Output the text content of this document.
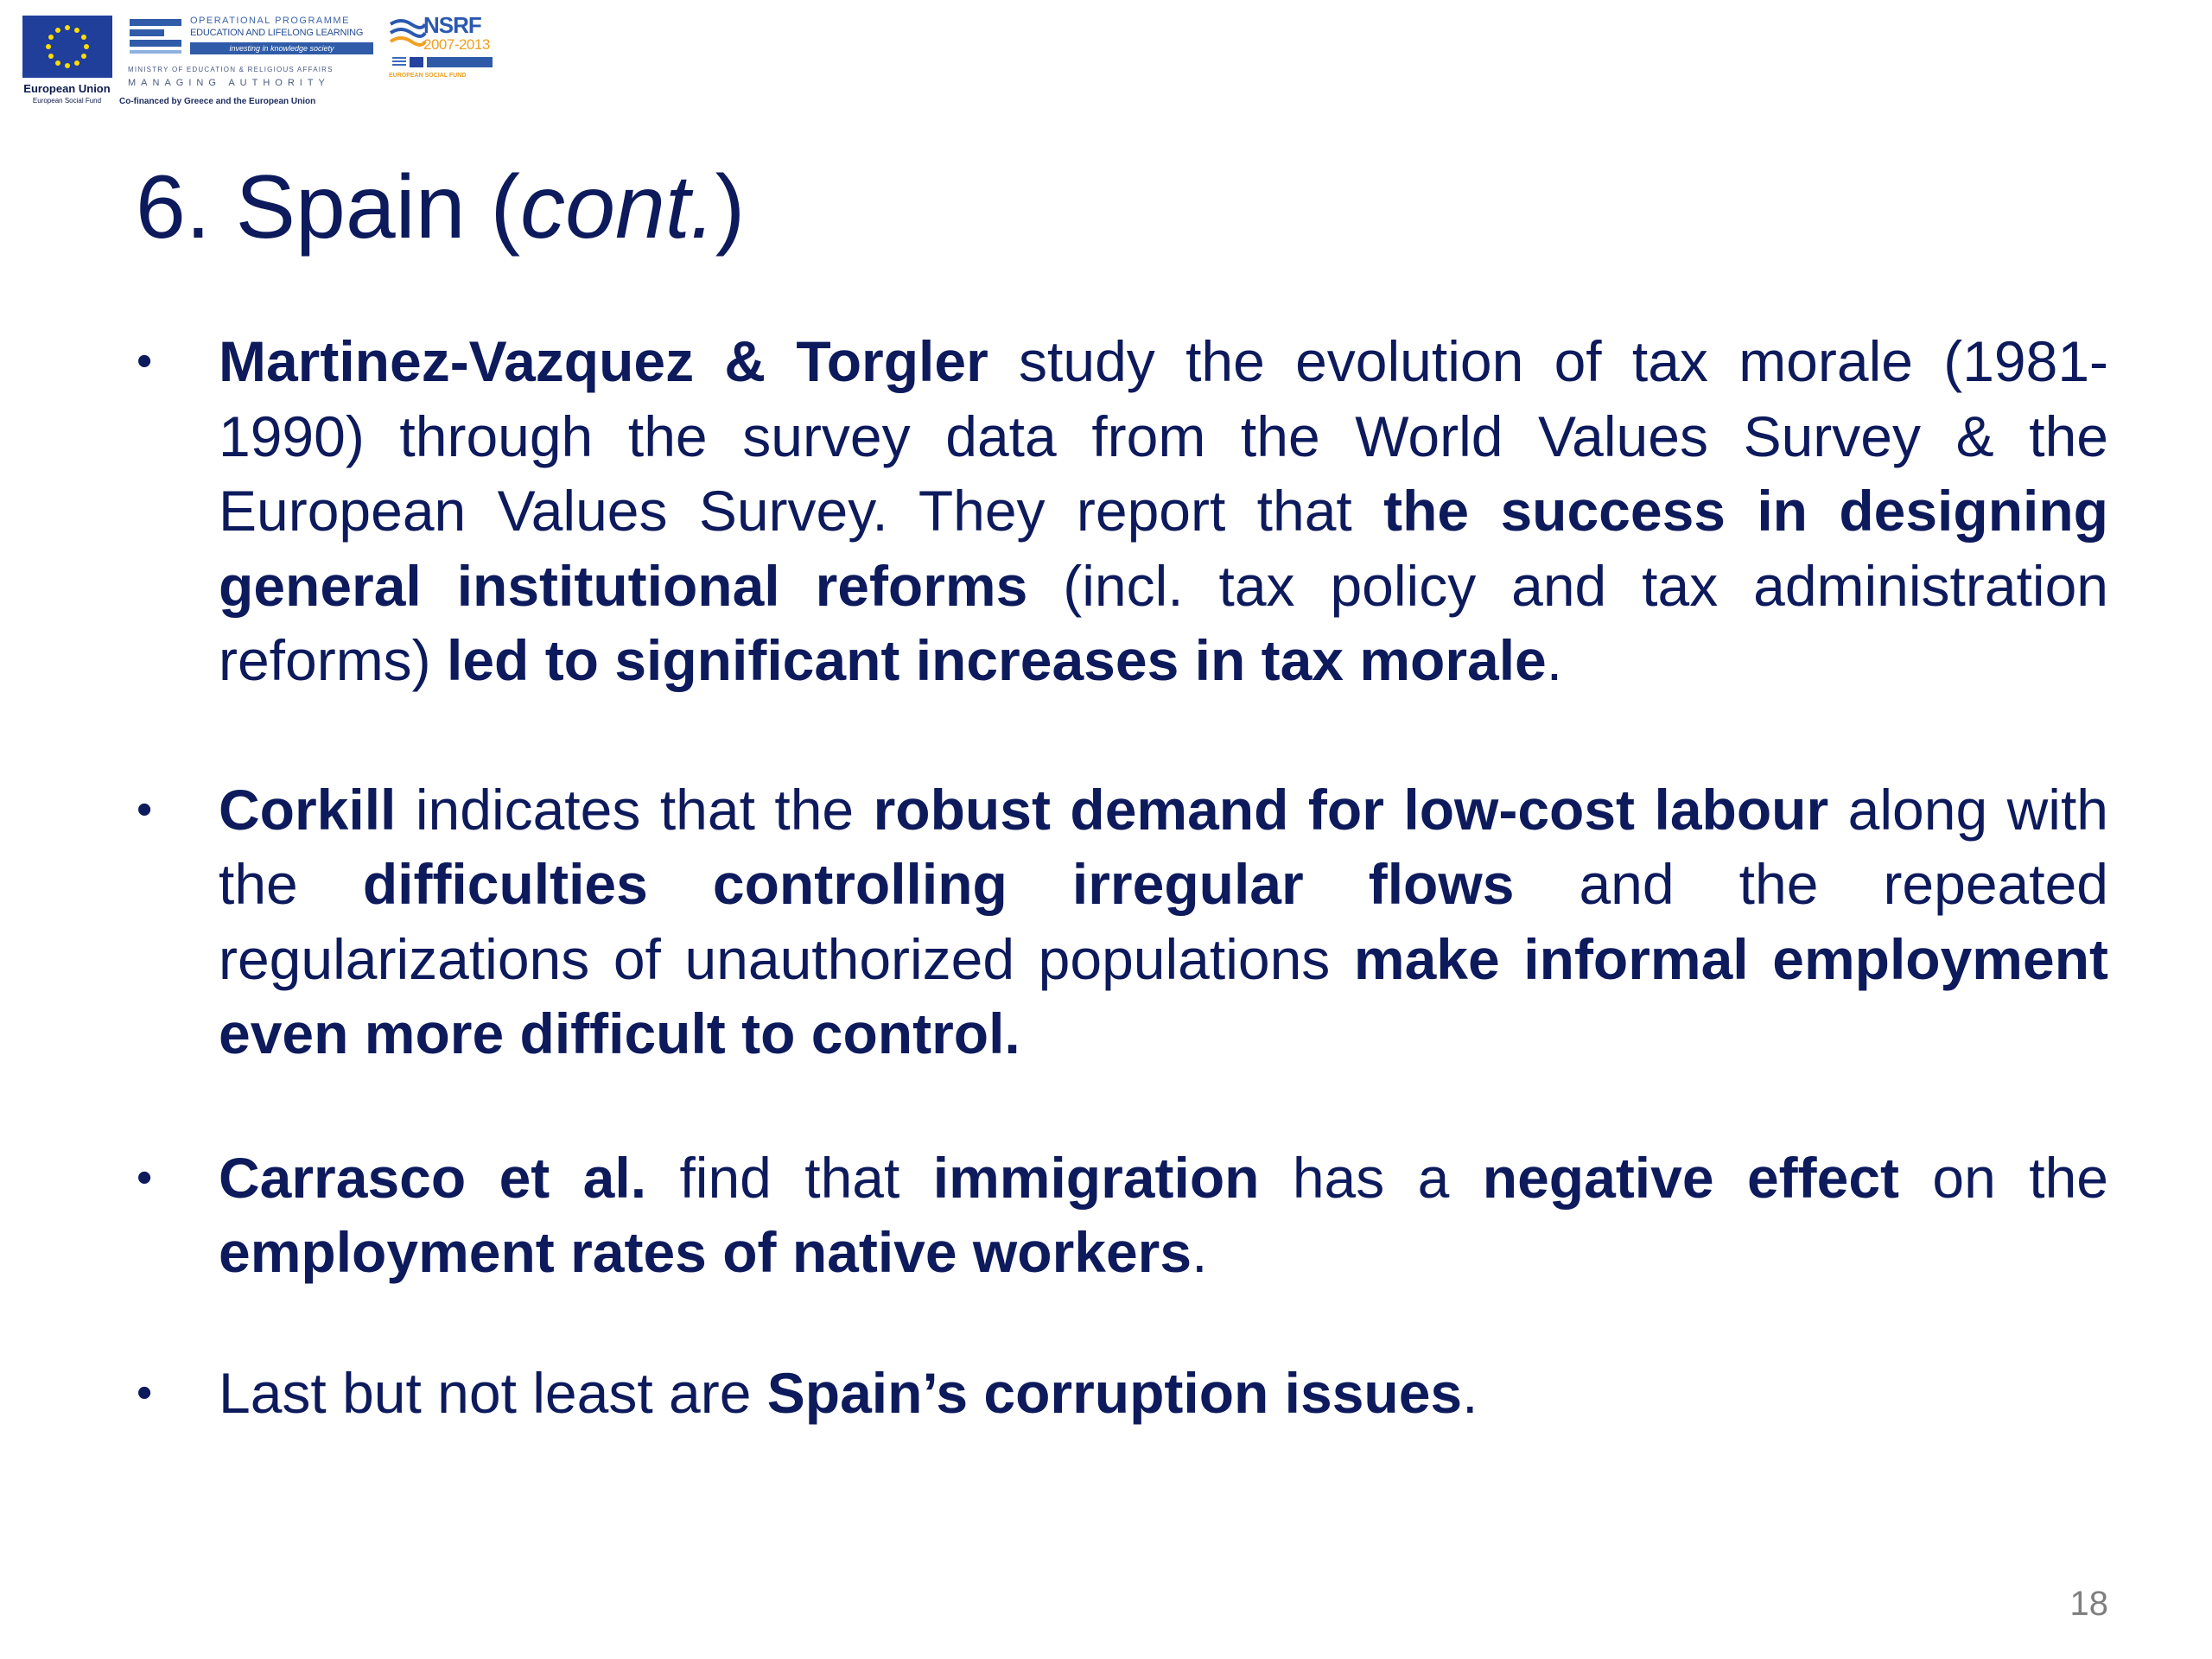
European Union
European Social Fund
OPERATIONAL PROGRAMME
EDUCATION AND LIFELONG LEARNING
investing in knowledge society
MINISTRY OF EDUCATION & RELIGIOUS AFFAIRS
MANAGING AUTHORITY
Co-financed by Greece and the European Union
NSRF
2007-2013
EUROPEAN SOCIAL FUND
6. Spain (cont.)
• Martinez-Vazquez & Torgler study the evolution of tax morale (1981-1990) through the survey data from the World Values Survey & the European Values Survey. They report that the success in designing general institutional reforms (incl. tax policy and tax administration reforms) led to significant increases in tax morale.
• Corkill indicates that the robust demand for low-cost labour along with the difficulties controlling irregular flows and the repeated regularizations of unauthorized populations make informal employment even more difficult to control.
• Carrasco et al. find that immigration has a negative effect on the employment rates of native workers.
• Last but not least are Spain’s corruption issues.
18
